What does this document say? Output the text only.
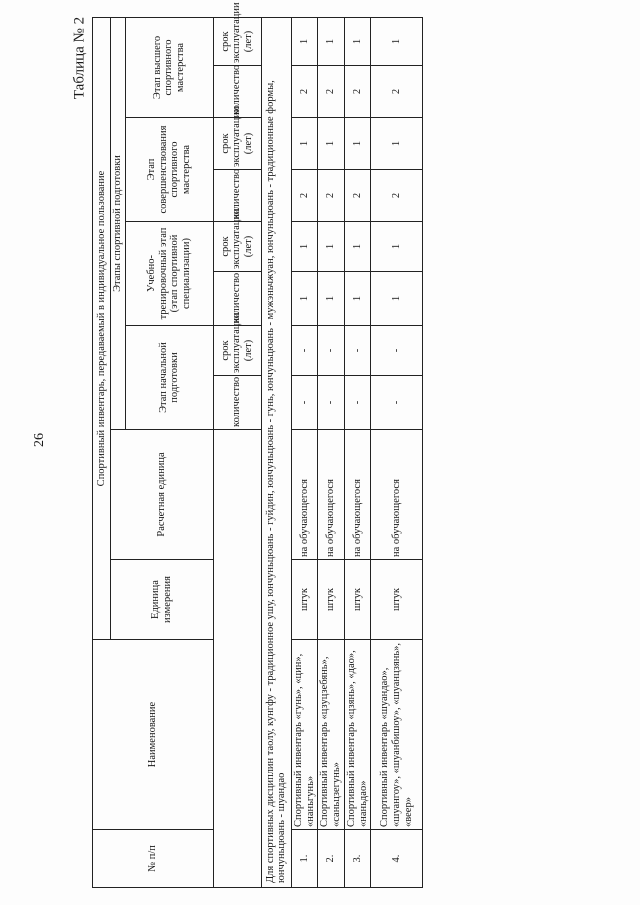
26
Таблица № 2
№ п/п	Наименование	Спортивный инвентарь, передаваемый в индивидуальное пользование									
		Единица измерения	Расчетная единица	Этапы спортивной подготовки							
				Этап начальной подготовки		Учебно-тренировочный этап (этап спортивной специализации)		Этап совершенствования спортивного мастерства		Этап высшего спортивного мастерства	
				количество	срок эксплуатации (лет)	количество	срок эксплуатации (лет)	количество	срок эксплуатации (лет)	количество	срок эксплуатации (лет)
Для спортивных дисциплин таолу, кунгфу - традиционное ушу, юнчуньцюань - гуйдин, юнчуньцюань - гунь, юнчуньцюань - мужэньчжуан, юнчуньцюань - традиционные формы, юнчуньцюань - шуандао											
1.	Спортивный инвентарь «гунь», «цин», «наньгунь»	штук	на обучающегося	-	-	1	1	2	1	2	1
2.	Спортивный инвентарь «цзуцзебянь», «саньцзегунь»	штук	на обучающегося	-	-	1	1	2	1	2	1
3.	Спортивный инвентарь «цзянь», «дао», «наньдао»	штук	на обучающегося	-	-	1	1	2	1	2	1
4.	Спортивный инвентарь «шуандао», «шуангоу», «шуанбишоу», «шуанцзянь», «веер»	штук	на обучающегося	-	-	1	1	2	1	2	1
